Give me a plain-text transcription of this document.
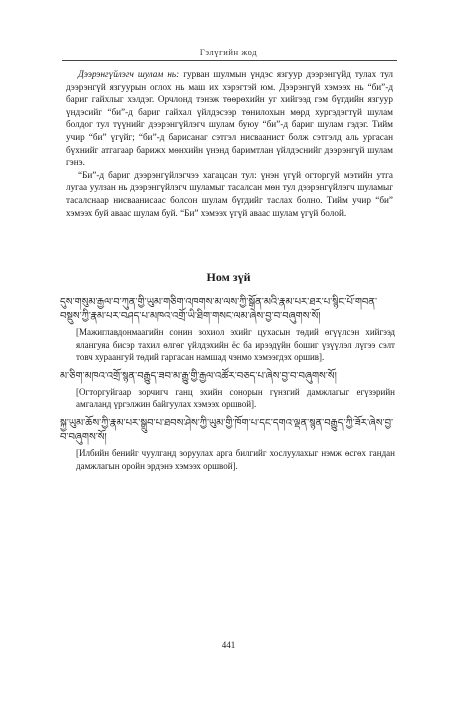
Гэлүгийн жод

Дээрэнгүйлэгч шулам нь: гурван шулмын үндэс язгуур дээрэнгүйд тулах тул дээрэнгүй язгуурын оглох нь маш их хэрэгтэй юм. Дээрэнгүй хэмээх нь “би”-д бариг гайхлыг хэлдэг. Орчлонд тэнэж төөрөхийн уг хийгээд гэм бүгдийн язгуур үндэсийг “би”-д бариг гайхал үйлдэсээр төнилохын мөрд хургэдэгтүй шулам болдог тул түүнийг дээрэнгүйлэгч шулам буюу “би”-д бариг шулам гэдэг. Тийм учир “би” үгүйг; “би”-д барисанаг сэтгэл нисвааниcт болж сэтгэлд аль ургасан бүхнийг атгагаар барижх мөнхийн үнэнд баримтлан үйлдэснийг дээрэнгүй шулам гэнэ.

“Би”-д бариг дээрэнгүйлэгчээ хагацсан тул: үнэн үгүй огторгуй мэтийн утга лугаа уулзан нь дээрэнгүйлэгч шуламыг тасалсан мөн тул дээрэнгүйлэгч шуламыг тасалснаар нисваанисаас болсон шулам бүгдийг таслах болно. Тийм учир “би” хэмээх буй аваас шулам буй. “Би” хэмээх үгүй аваас шулам үгүй болой.

Ном зүй

དུས་གསུམ་རྒྱལ་བ་ཀུན་གྱི་ཡུམ་གཅིག་འཁགས་མ་ལས་ཀྱི་སྒོན་མའི་རྣམ་པར་ཐར་པ་སྙིང་པོ་གབན་བསྡུས་ཀྱི་རྣམ་པར་བཤད་པ་མཁའ་འགྲོ་ཡི་ཐིག་གསང་ལམ་ཞེས་བྱ་བ་བཞུགས་སོ།

[Мажиглавдонмаагийн сонин зохиол эхийг цухасын төдий өгүүлсэн хийгээд ялангуяа бисэр тахил өлгөг үйлдэхийн ёс ба ирээдүйн бошиг үзүүлэл лүгээ сэлт товч хураангуй төдий гаргасан намшад чэнмо хэмээгдэх оршив].

མ་ཅིག་མཁའ་འགྲོ་སྙན་བརྒྱུད་ཟབ་མ་རྒྱུ་གྱི་རྒྱལ་འཚོར་བཅད་པ་ཞེས་བྱ་བ་བཞུགས་སོ།

[Огторгуйгаар зорчигч ганц эхийн сонорын гүнзгий дамжлагыг егүзэрийн амгаланд үргэлжин байгуулах хэмээх оршвой].

སྐྱ་ཡུམ་ཆོས་ཀྱི་རྣམ་པར་སྒྲུབ་པ་ཐབས་ཤེས་ཀྱི་ཡུམ་གྱི་ཁོག་པ་དང་དགའ་ལྡན་སྙན་བརྒྱུད་ཀྱི་ཟོར་ཞེས་བྱ་བ་བཞུགས་སོ།

[Илбийн бенийг чуулганд зоруулах арга билгийг хослуулахыг нэмж өсгөх гандан дамжлагын оройн эрдэнэ хэмээх оршвой].

441
